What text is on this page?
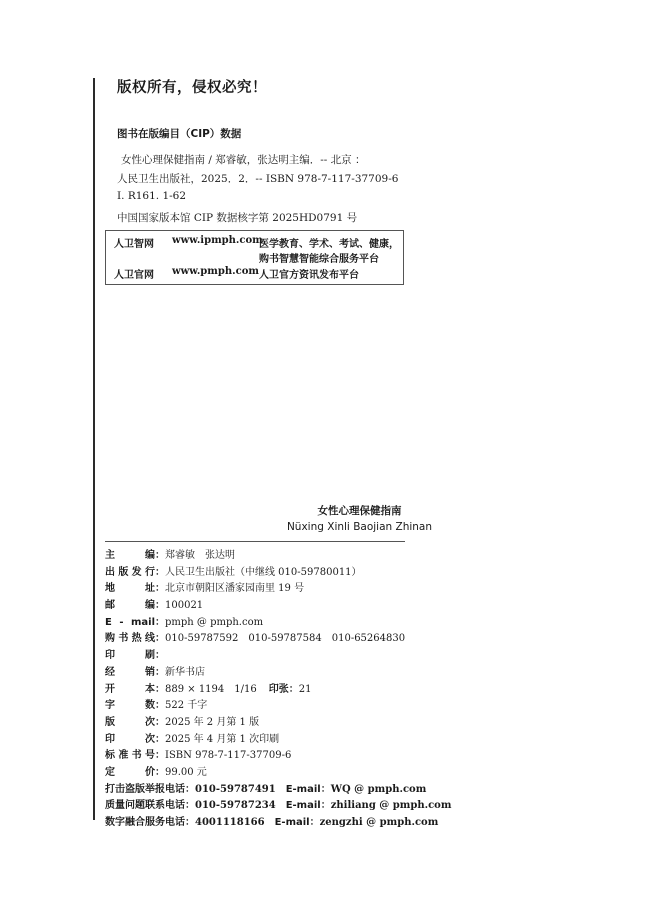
版权所有，侵权必究！
图书在版编目（CIP）数据
女性心理保健指南 / 郑睿敏，张达明主编．-- 北京 ：
人民卫生出版社，2025．2．-- ISBN 978-7-117-37709-6
Ⅰ. R161. 1-62
中国国家版本馆 CIP 数据核字第 2025HD0791 号
人卫智网 www.ipmph.com
医学教育、学术、考试、健康，
购书智慧智能综合服务平台
人卫官网 www.pmph.com 人卫官方资讯发布平台
女性心理保健指南
Nüxing Xinli Baojian Zhinan
主编：郑睿敏　张达明
出版发行：人民卫生出版社（中继线 010-59780011）
地址：北京市朝阳区潘家园南里 19 号
邮编：100021
E - mail：pmph @ pmph.com
购书热线：010-59787592　010-59787584　010-65264830
印刷：
经销：新华书店
开本：889 × 1194　1/16 印张：21
字数：522 千字
版次：2025 年 2 月第 1 版
印次：2025 年 4 月第 1 次印刷
标准书号：ISBN 978-7-117-37709-6
定价：99.00 元
打击盗版举报电话：010-59787491 E-mail：WQ @ pmph.com
质量问题联系电话：010-59787234 E-mail：zhiliang @ pmph.com
数字融合服务电话：4001118166 E-mail：zengzhi @ pmph.com
